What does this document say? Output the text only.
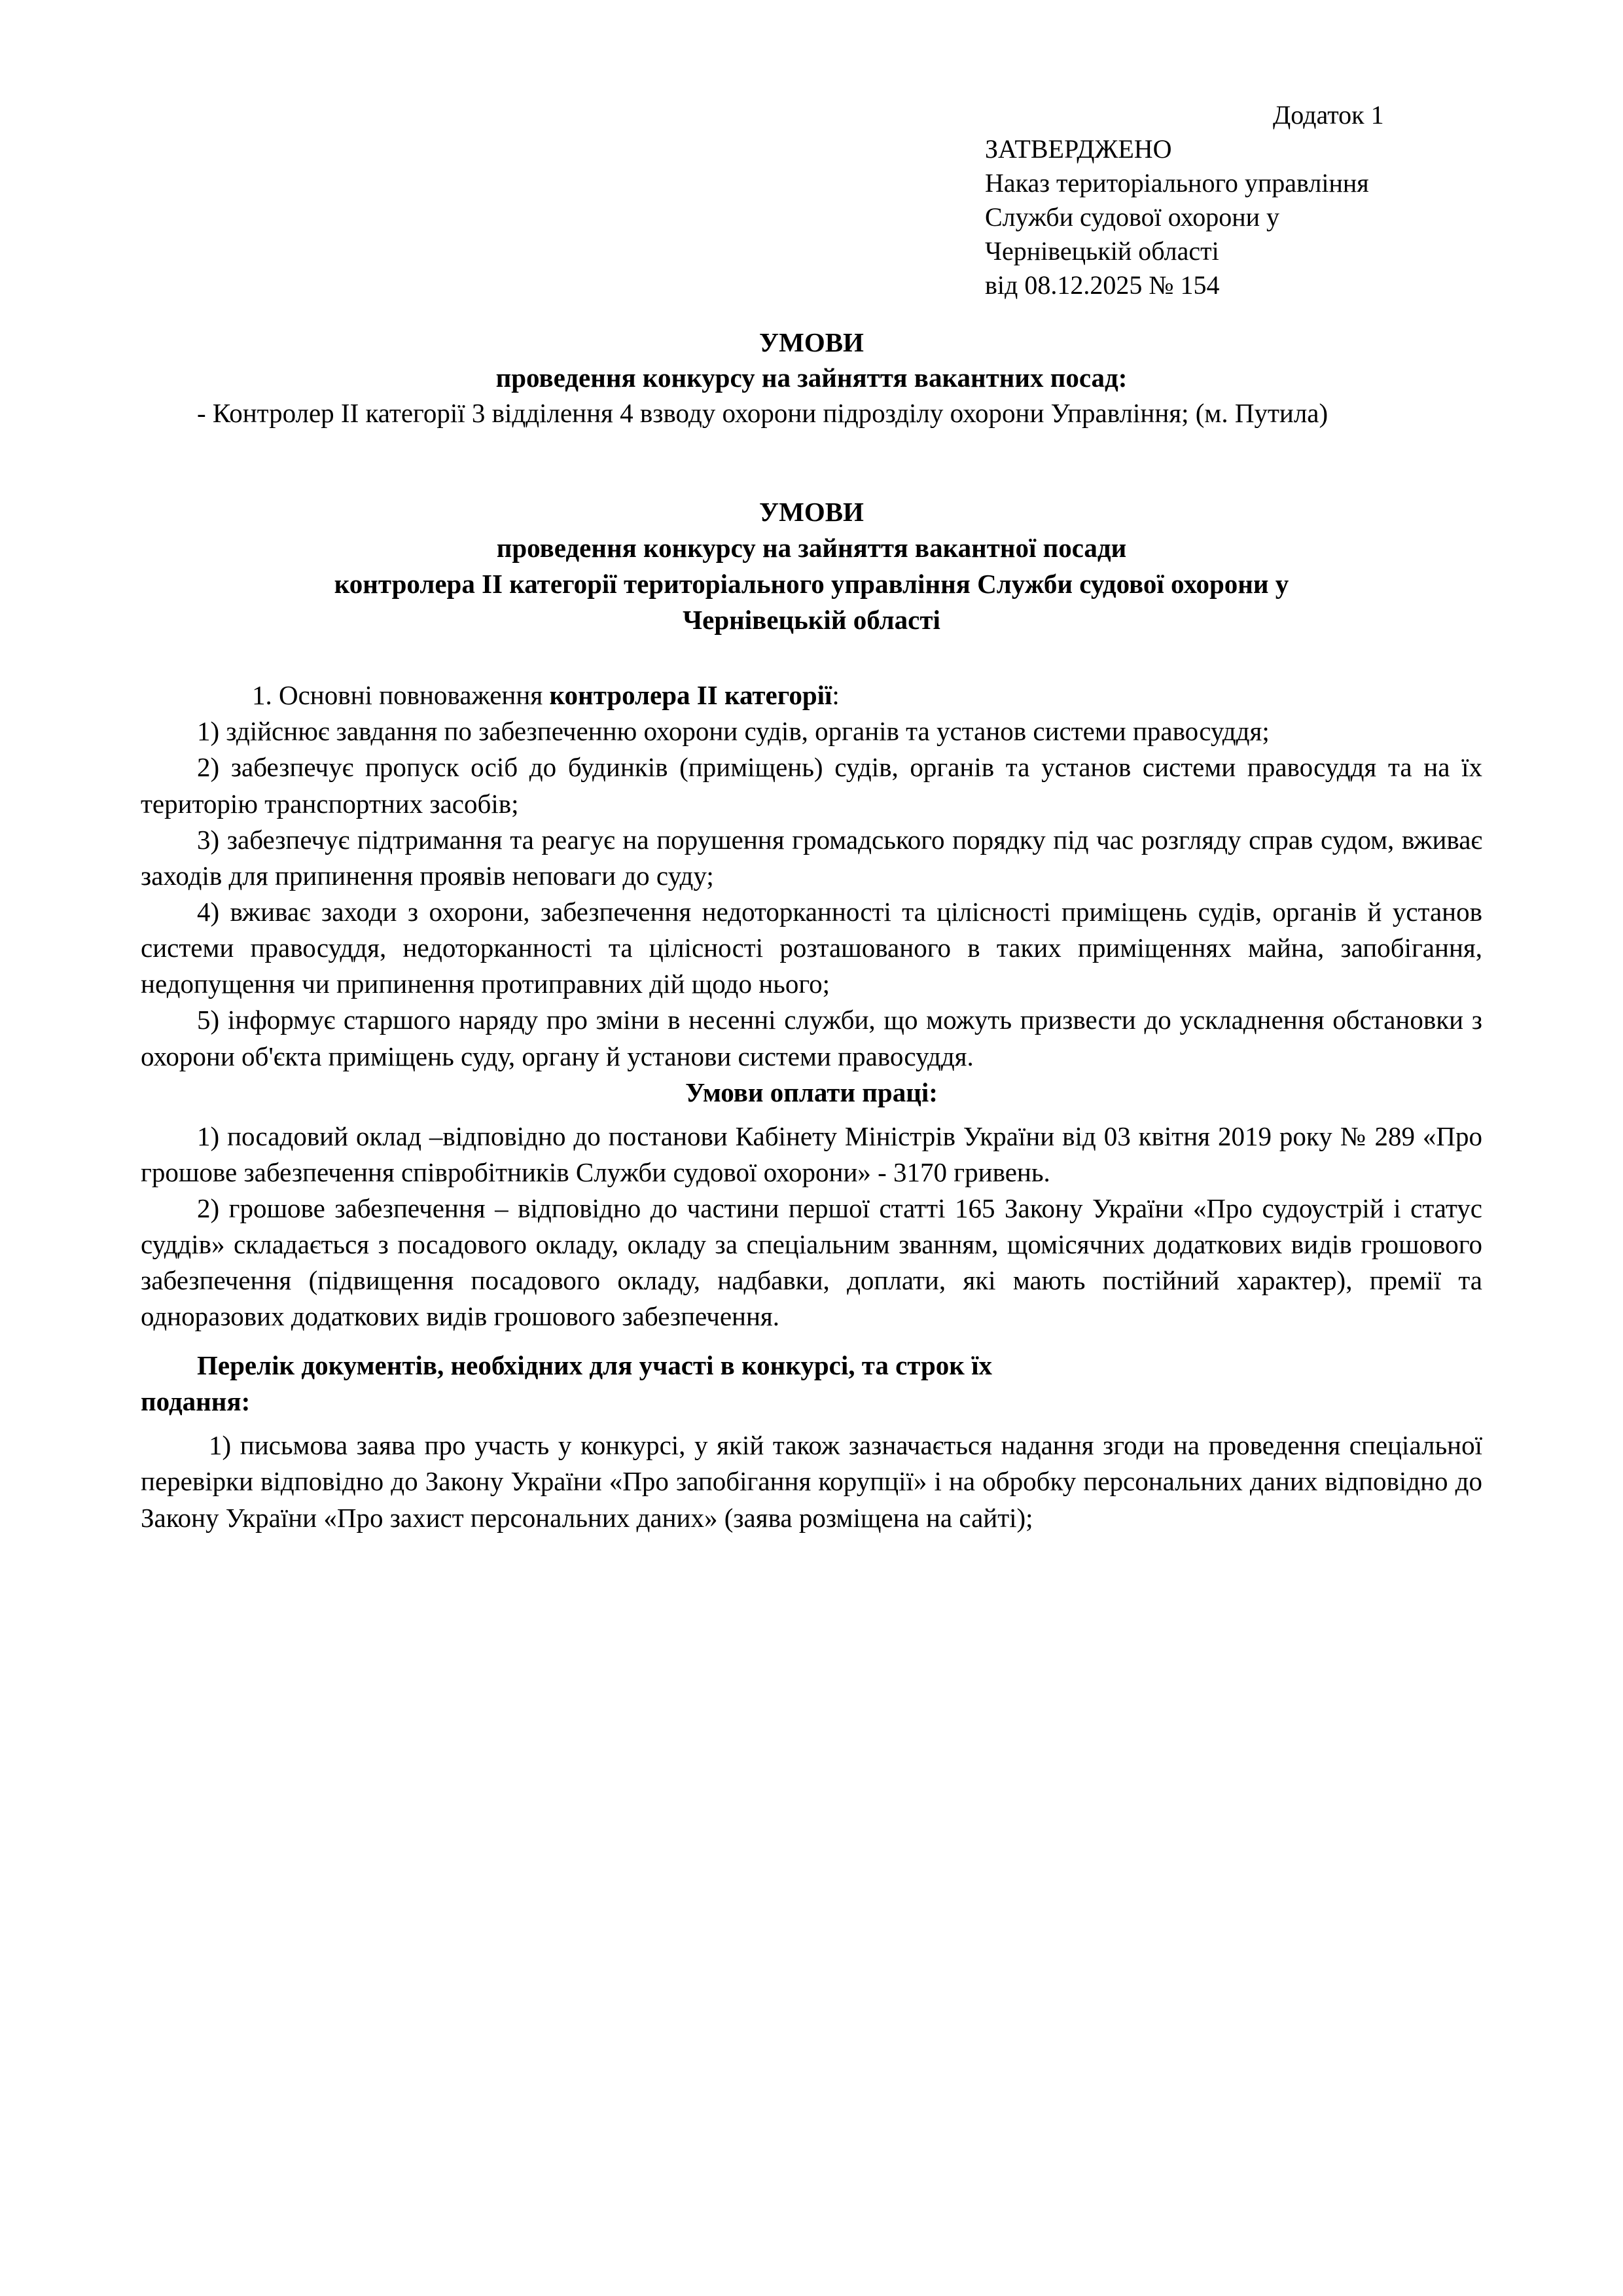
Додаток 1
ЗАТВЕРДЖЕНО
Наказ територіального управління
Служби судової охорони у
Чернівецькій області
від 08.12.2025 № 154
УМОВИ
проведення конкурсу на зайняття вакантних посад:

- Контролер ІІ категорії 3 відділення 4 взводу охорони підрозділу охорони Управління; (м. Путила)

УМОВИ
проведення конкурсу на зайняття вакантної посади
контролера ІІ категорії територіального управління Служби судової охорони у
Чернівецькій області

1. Основні повноваження контролера ІІ категорії:

1) здійснює завдання по забезпеченню охорони судів, органів та установ системи правосуддя;

2) забезпечує пропуск осіб до будинків (приміщень) судів, органів та установ системи правосуддя та на їх територію транспортних засобів;

3) забезпечує підтримання та реагує на порушення громадського порядку під час розгляду справ судом, вживає заходів для припинення проявів неповаги до суду;

4) вживає заходи з охорони, забезпечення недоторканності та цілісності приміщень судів, органів й установ системи правосуддя, недоторканності та цілісності розташованого в таких приміщеннях майна, запобігання, недопущення чи припинення протиправних дій щодо нього;

5) інформує старшого наряду про зміни в несенні служби, що можуть призвести до ускладнення обстановки з охорони об'єкта приміщень суду, органу й установи системи правосуддя.

Умови оплати праці:

1) посадовий оклад –відповідно до постанови Кабінету Міністрів України від 03 квітня 2019 року № 289 «Про грошове забезпечення співробітників Служби судової охорони» - 3170 гривень.

2) грошове забезпечення – відповідно до частини першої статті 165 Закону України «Про судоустрій і статус суддів» складається з посадового окладу, окладу за спеціальним званням, щомісячних додаткових видів грошового забезпечення (підвищення посадового окладу, надбавки, доплати, які мають постійний характер), премії та одноразових додаткових видів грошового забезпечення.

Перелік документів, необхідних для участі в конкурсі, та строк їх

подання:

1) письмова заява про участь у конкурсі, у якій також зазначається надання згоди на проведення спеціальної перевірки відповідно до Закону України «Про запобігання корупції» і на обробку персональних даних відповідно до Закону України «Про захист персональних даних» (заява розміщена на сайті);
